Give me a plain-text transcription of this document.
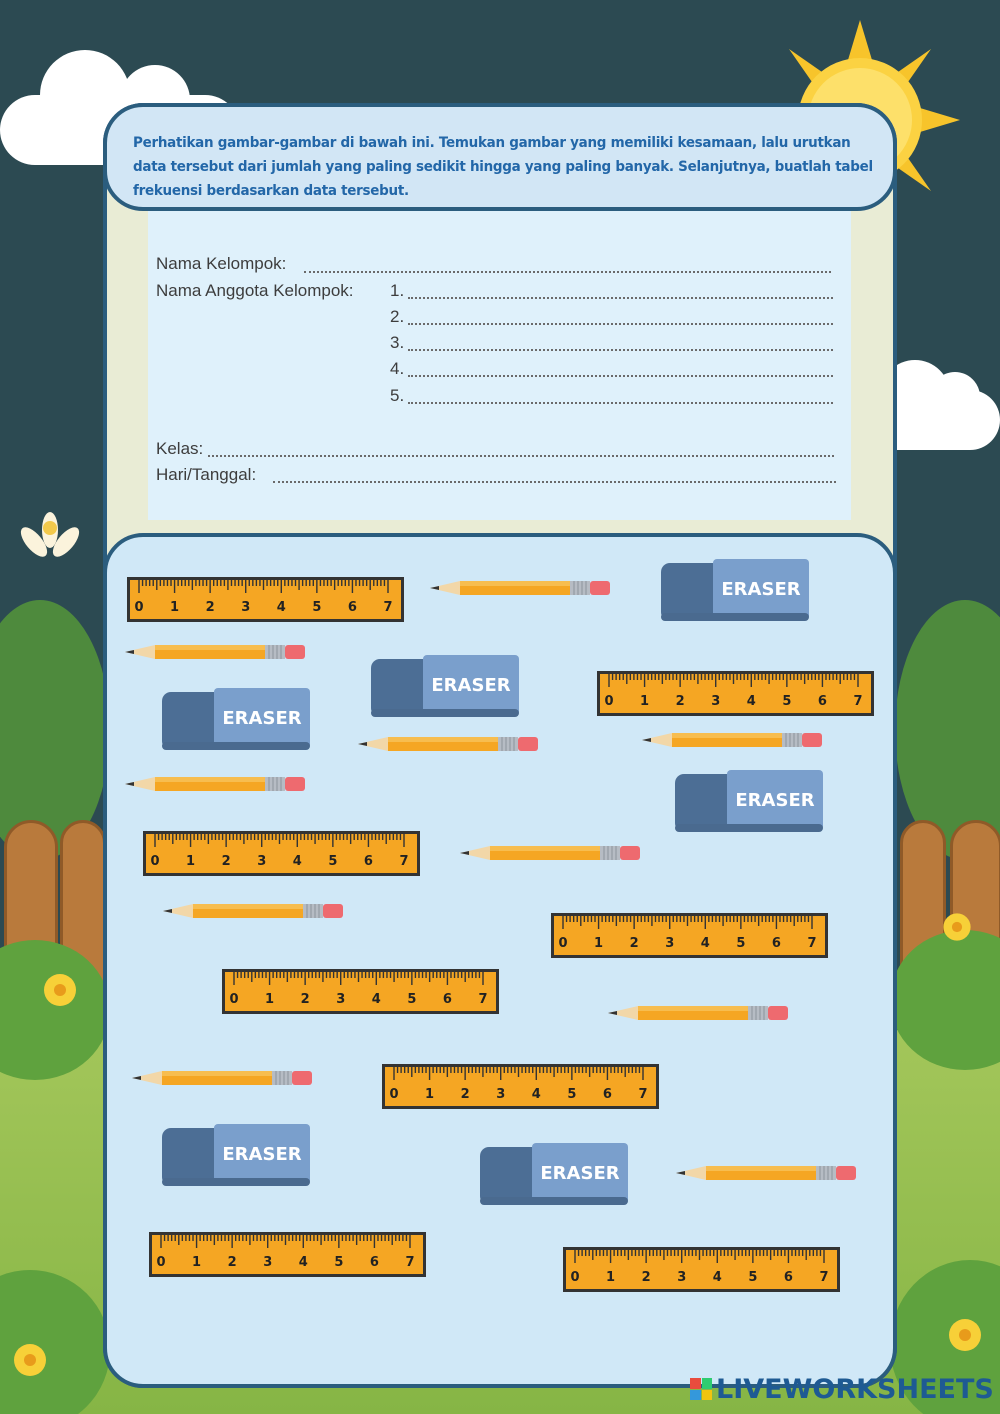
Nama Kelompok:
Nama Anggota Kelompok: 1.
2.
3.
4.
5.
Kelas:
Hari/Tanggal:

Perhatikan gambar-gambar di bawah ini. Temukan gambar yang memiliki kesamaan, lalu urutkan data tersebut dari jumlah yang paling sedikit hingga yang paling banyak. Selanjutnya, buatlah tabel frekuensi berdasarkan data tersebut.

0 1 2 3 4 5 6 7
ERASER
ERASER
0 1 2 3 4 5 6 7
ERASER
ERASER
0 1 2 3 4 5 6 7
0 1 2 3 4 5 6 7
0 1 2 3 4 5 6 7
0 1 2 3 4 5 6 7
ERASER
ERASER
0 1 2 3 4 5 6 7
0 1 2 3 4 5 6 7
LIVEWORKSHEETS
